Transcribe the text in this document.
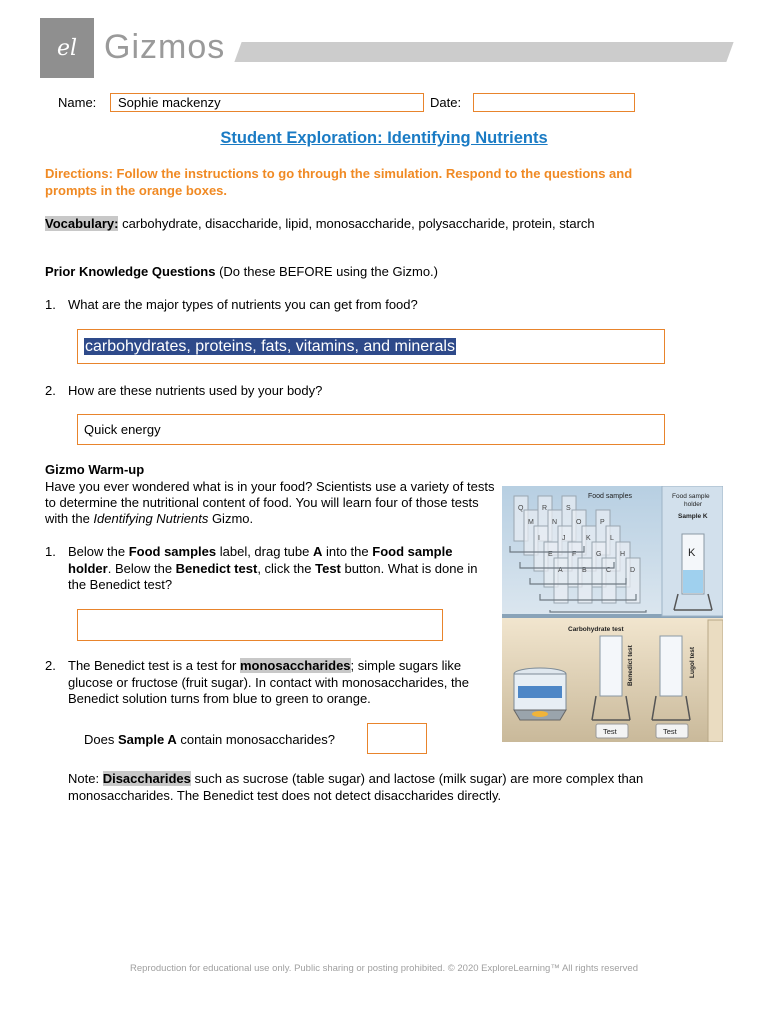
el Gizmos
Name:	Sophie mackenzy	Date:
Student Exploration: Identifying Nutrients
Directions: Follow the instructions to go through the simulation. Respond to the questions and prompts in the orange boxes.
Vocabulary: carbohydrate, disaccharide, lipid, monosaccharide, polysaccharide, protein, starch
Prior Knowledge Questions (Do these BEFORE using the Gizmo.)
1. What are the major types of nutrients you can get from food?
carbohydrates, proteins, fats, vitamins, and minerals
2. How are these nutrients used by your body?
Quick energy
Gizmo Warm-up
Have you ever wondered what is in your food? Scientists use a variety of tests to determine the nutritional content of food. You will learn four of those tests with the Identifying Nutrients Gizmo.
1. Below the Food samples label, drag tube A into the Food sample holder. Below the Benedict test, click the Test button. What is done in the Benedict test?
2. The Benedict test is a test for monosaccharides; simple sugars like glucose or fructose (fruit sugar). In contact with monosaccharides, the Benedict solution turns from blue to green to orange.
Does Sample A contain monosaccharides?
Note: Disaccharides such as sucrose (table sugar) and lactose (milk sugar) are more complex than monosaccharides. The Benedict test does not detect disaccharides directly.
Q	R	S
M	N	O	P
I	J	K	L
E	F	G	H
A	B	C	D
Food samples	Food sample
holder
Sample K
K
Carbohydrate test
Benedict test	Lugol test
Test	Test
Reproduction for educational use only. Public sharing or posting prohibited. © 2020 ExploreLearning™ All rights reserved
